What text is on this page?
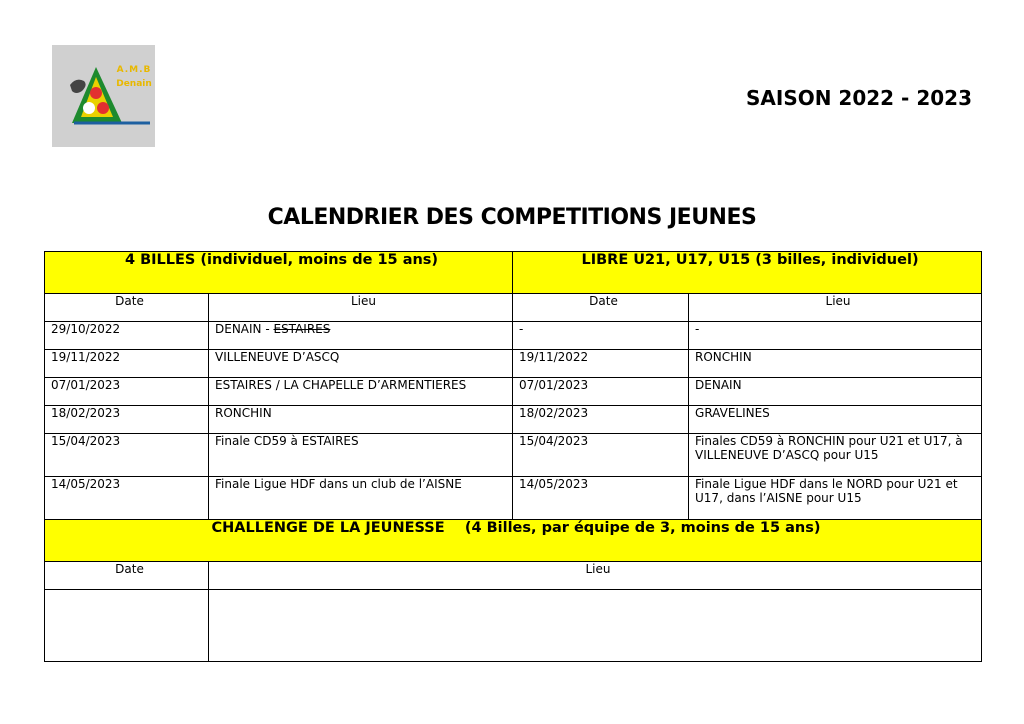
A.M.B
Denain
SAISON 2022 - 2023
CALENDRIER DES COMPETITIONS JEUNES
4 BILLES (individuel, moins de 15 ans)		LIBRE U21, U17, U15 (3 billes, individuel)	
Date	Lieu	Date	Lieu
29/10/2022	DENAIN - ESTAIRES	-	-
19/11/2022	VILLENEUVE D’ASCQ	19/11/2022	RONCHIN
07/01/2023	ESTAIRES / LA CHAPELLE D’ARMENTIERES	07/01/2023	DENAIN
18/02/2023	RONCHIN	18/02/2023	GRAVELINES
15/04/2023	Finale CD59 à ESTAIRES	15/04/2023	Finales CD59 à RONCHIN pour U21 et U17, à VILLENEUVE D’ASCQ pour U15
14/05/2023	Finale Ligue HDF dans un club de l’AISNE	14/05/2023	Finale Ligue HDF dans le NORD pour U21 et U17, dans l’AISNE pour U15
CHALLENGE DE LA JEUNESSE    (4 Billes, par équipe de 3, moins de 15 ans)			
Date	Lieu		
